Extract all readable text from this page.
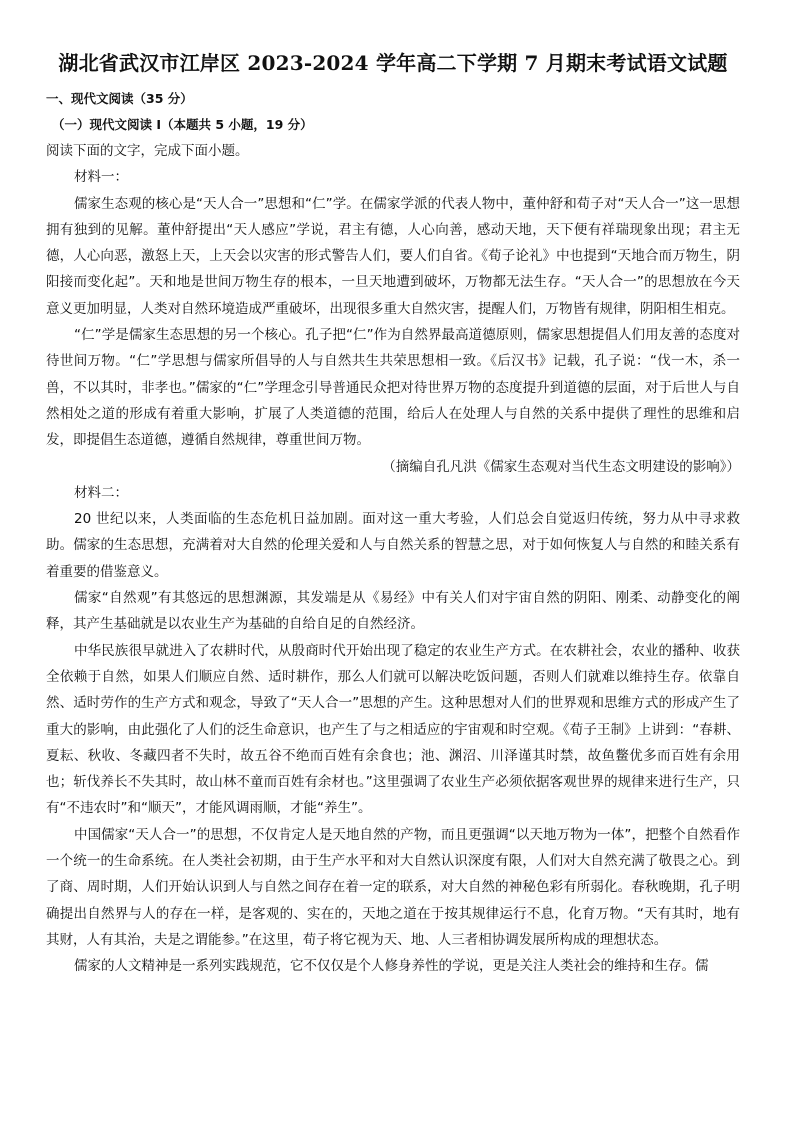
湖北省武汉市江岸区 2023-2024 学年高二下学期 7 月期末考试语文试题

一、现代文阅读（35 分）

（一）现代文阅读 I（本题共 5 小题，19 分）

阅读下面的文字，完成下面小题。

材料一：

儒家生态观的核心是“天人合一”思想和“仁”学。在儒家学派的代表人物中，董仲舒和荀子对“天人合一”这一思想拥有独到的见解。董仲舒提出“天人感应”学说，君主有德，人心向善，感动天地，天下便有祥瑞现象出现；君主无德，人心向恶，激怒上天，上天会以灾害的形式警告人们，要人们自省。《荀子论礼》中也提到“天地合而万物生，阴阳接而变化起”。天和地是世间万物生存的根本，一旦天地遭到破坏，万物都无法生存。“天人合一”的思想放在今天意义更加明显，人类对自然环境造成严重破坏，出现很多重大自然灾害，提醒人们，万物皆有规律，阴阳相生相克。

“仁”学是儒家生态思想的另一个核心。孔子把“仁”作为自然界最高道德原则，儒家思想提倡人们用友善的态度对待世间万物。“仁”学思想与儒家所倡导的人与自然共生共荣思想相一致。《后汉书》记载，孔子说：“伐一木，杀一兽，不以其时，非孝也。”儒家的“仁”学理念引导普通民众把对待世界万物的态度提升到道德的层面，对于后世人与自然相处之道的形成有着重大影响，扩展了人类道德的范围，给后人在处理人与自然的关系中提供了理性的思维和启发，即提倡生态道德，遵循自然规律，尊重世间万物。

（摘编自孔凡洪《儒家生态观对当代生态文明建设的影响》）

材料二：

20 世纪以来，人类面临的生态危机日益加剧。面对这一重大考验，人们总会自觉返归传统，努力从中寻求救助。儒家的生态思想，充满着对大自然的伦理关爱和人与自然关系的智慧之思，对于如何恢复人与自然的和睦关系有着重要的借鉴意义。

儒家“自然观”有其悠远的思想渊源，其发端是从《易经》中有关人们对宇宙自然的阴阳、刚柔、动静变化的阐释，其产生基础就是以农业生产为基础的自给自足的自然经济。

中华民族很早就进入了农耕时代，从殷商时代开始出现了稳定的农业生产方式。在农耕社会，农业的播种、收获全依赖于自然，如果人们顺应自然、适时耕作，那么人们就可以解决吃饭问题，否则人们就难以维持生存。依靠自然、适时劳作的生产方式和观念，导致了“天人合一”思想的产生。这种思想对人们的世界观和思维方式的形成产生了重大的影响，由此强化了人们的泛生命意识，也产生了与之相适应的宇宙观和时空观。《荀子王制》上讲到：“春耕、夏耘、秋收、冬藏四者不失时，故五谷不绝而百姓有余食也；池、渊沼、川泽谨其时禁，故鱼鳖优多而百姓有余用也；斩伐养长不失其时，故山林不童而百姓有余材也。”这里强调了农业生产必须依据客观世界的规律来进行生产，只有“不违农时”和“顺天”，才能风调雨顺，才能“养生”。

中国儒家“天人合一”的思想，不仅肯定人是天地自然的产物，而且更强调“以天地万物为一体”，把整个自然看作一个统一的生命系统。在人类社会初期，由于生产水平和对大自然认识深度有限，人们对大自然充满了敬畏之心。到了商、周时期，人们开始认识到人与自然之间存在着一定的联系，对大自然的神秘色彩有所弱化。春秋晚期，孔子明确提出自然界与人的存在一样，是客观的、实在的，天地之道在于按其规律运行不息，化育万物。“天有其时，地有其财，人有其治，夫是之谓能参。”在这里，荀子将它视为天、地、人三者相协调发展所构成的理想状态。

儒家的人文精神是一系列实践规范，它不仅仅是个人修身养性的学说，更是关注人类社会的维持和生存。儒
